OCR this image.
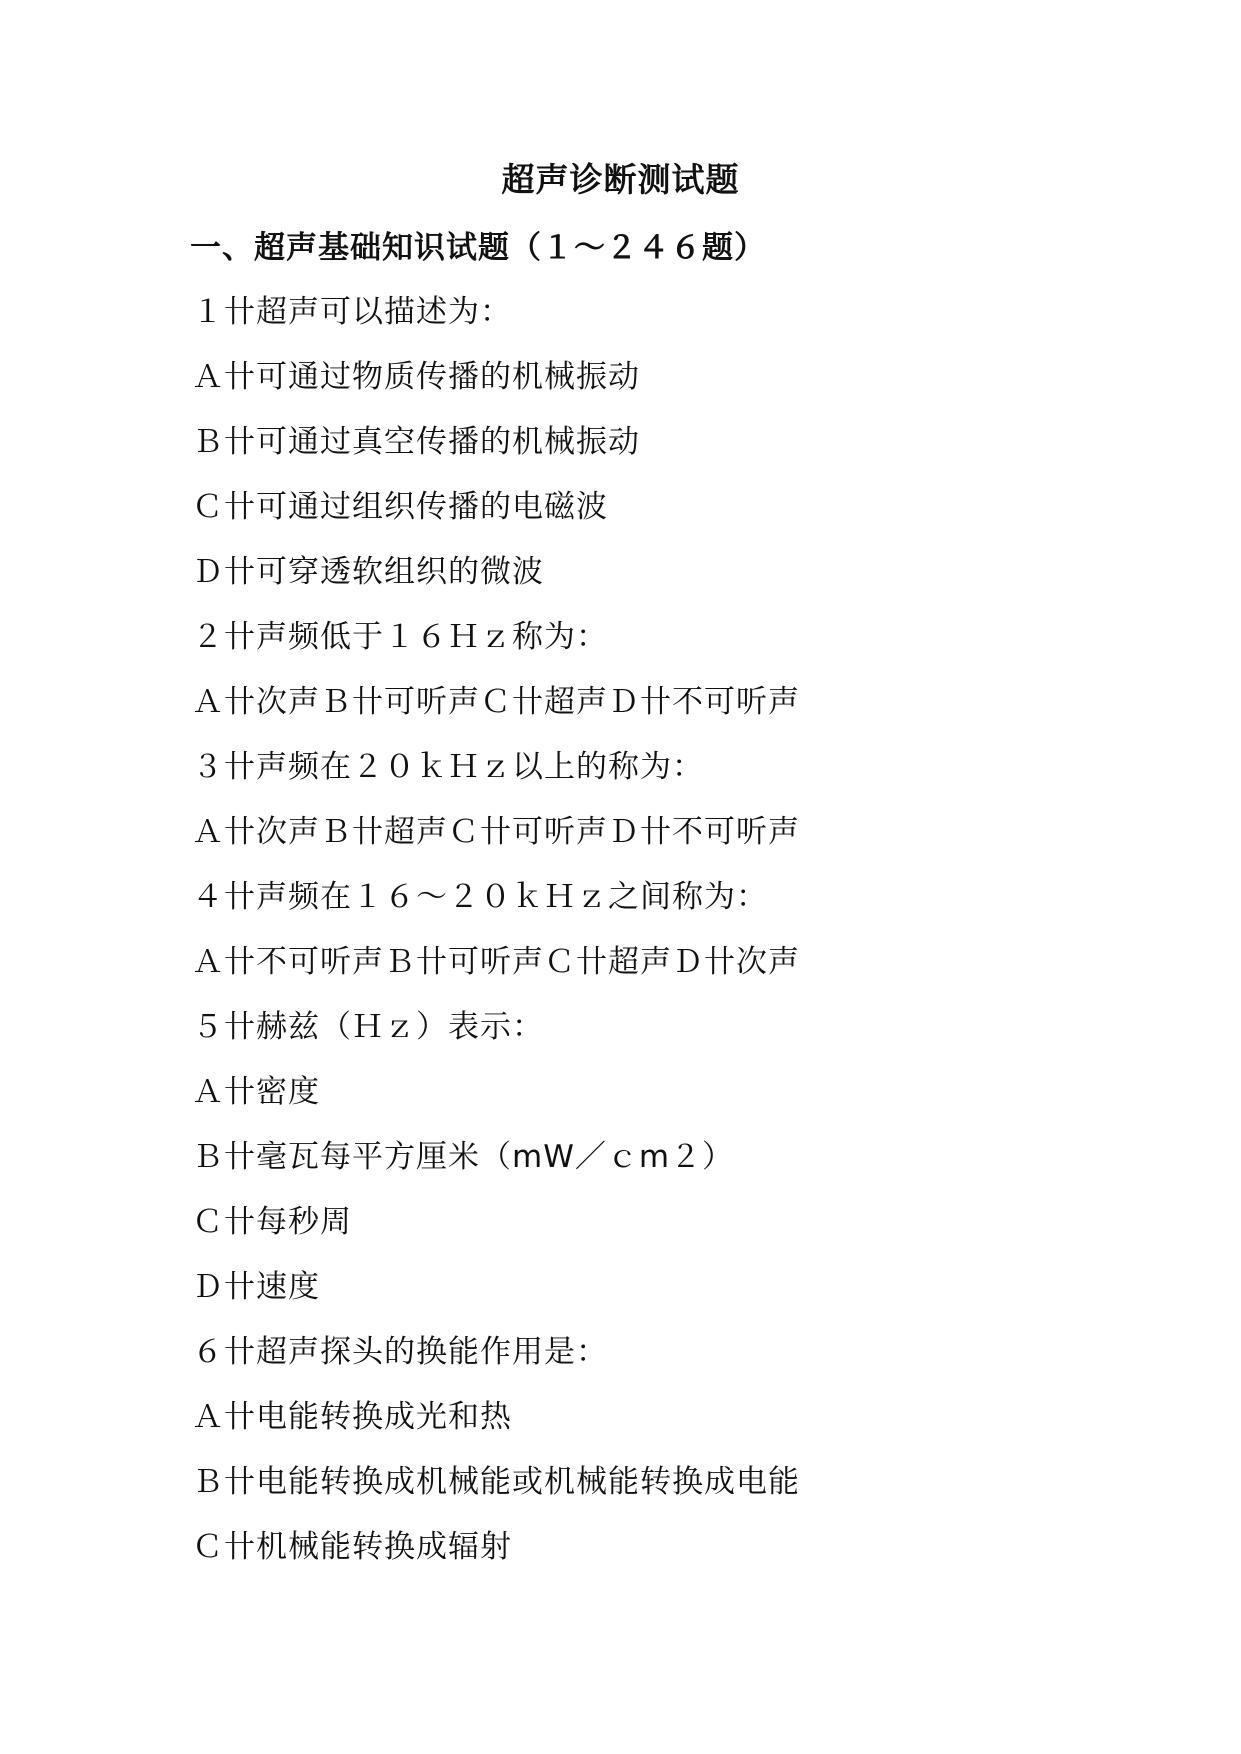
超声诊断测试题
一、超声基础知识试题（１～２４６题）
１卄超声可以描述为：
Ａ卄可通过物质传播的机械振动
Ｂ卄可通过真空传播的机械振动
Ｃ卄可通过组织传播的电磁波
Ｄ卄可穿透软组织的微波
２卄声频低于１６Ｈｚ称为：
Ａ卄次声Ｂ卄可听声Ｃ卄超声Ｄ卄不可听声
３卄声频在２０ｋＨｚ以上的称为：
Ａ卄次声Ｂ卄超声Ｃ卄可听声Ｄ卄不可听声
４卄声频在１６～２０ｋＨｚ之间称为：
Ａ卄不可听声Ｂ卄可听声Ｃ卄超声Ｄ卄次声
５卄赫兹（Ｈｚ）表示：
Ａ卄密度
Ｂ卄毫瓦每平方厘米（mW／ｃm２）
Ｃ卄每秒周
Ｄ卄速度
６卄超声探头的换能作用是：
Ａ卄电能转换成光和热
Ｂ卄电能转换成机械能或机械能转换成电能
Ｃ卄机械能转换成辐射
